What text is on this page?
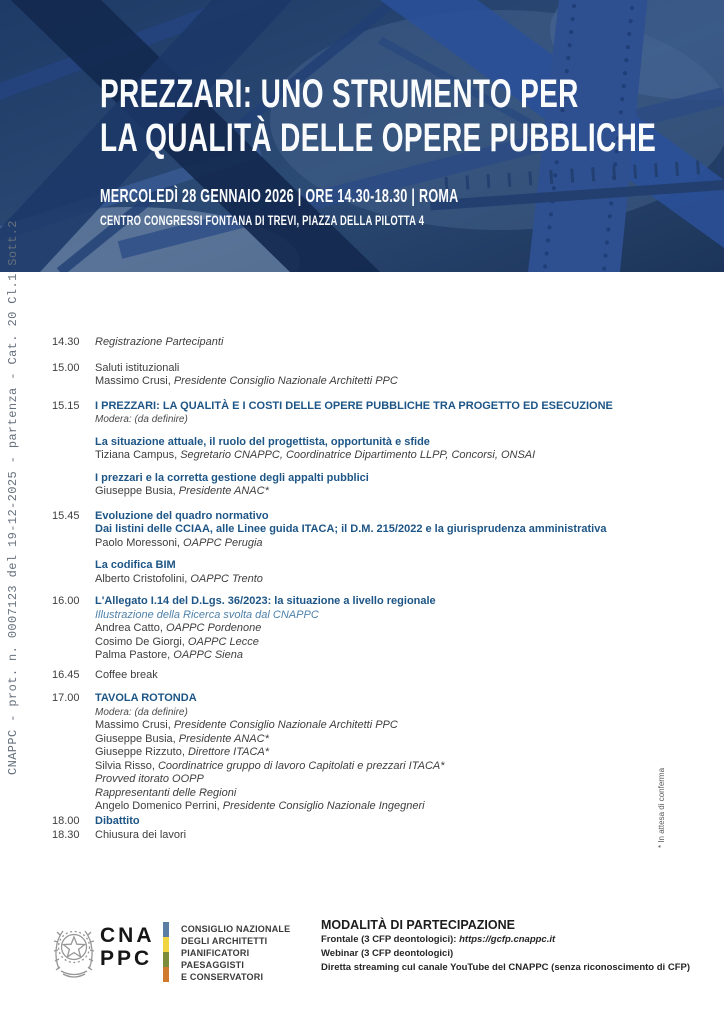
PREZZARI: UNO STRUMENTO PER
LA QUALITÀ DELLE OPERE PUBBLICHE
MERCOLEDÌ 28 GENNAIO 2026 | ORE 14.30-18.30 | ROMA
CENTRO CONGRESSI FONTANA DI TREVI, PIAZZA DELLA PILOTTA 4
14.30	Registrazione Partecipanti
15.00	Saluti istituzionali
Massimo Crusi, Presidente Consiglio Nazionale Architetti PPC
15.15	I PREZZARI: LA QUALITÀ E I COSTI DELLE OPERE PUBBLICHE TRA PROGETTO ED ESECUZIONE
Modera: (da definire)
La situazione attuale, il ruolo del progettista, opportunità e sfide
Tiziana Campus, Segretario CNAPPC, Coordinatrice Dipartimento LLPP, Concorsi, ONSAI
I prezzari e la corretta gestione degli appalti pubblici
Giuseppe Busia, Presidente ANAC*
15.45	Evoluzione del quadro normativo
Dai listini delle CCIAA, alle Linee guida ITACA; il D.M. 215/2022 e la giurisprudenza amministrativa
Paolo Moressoni, OAPPC Perugia
La codifica BIM
Alberto Cristofolini, OAPPC Trento
16.00	L'Allegato I.14 del D.Lgs. 36/2023: la situazione a livello regionale
Illustrazione della Ricerca svolta dal CNAPPC
Andrea Catto, OAPPC Pordenone
Cosimo De Giorgi, OAPPC Lecce
Palma Pastore, OAPPC Siena
16.45	Coffee break
17.00	TAVOLA ROTONDA
Modera: (da definire)
Massimo Crusi, Presidente Consiglio Nazionale Architetti PPC
Giuseppe Busia, Presidente ANAC*
Giuseppe Rizzuto, Direttore ITACA*
Silvia Risso, Coordinatrice gruppo di lavoro Capitolati e prezzari ITACA*
Provved itorato OOPP
Rappresentanti delle Regioni
Angelo Domenico Perrini, Presidente Consiglio Nazionale Ingegneri
18.00	Dibattito
18.30	Chiusura dei lavori
CNAPPC - prot. n. 0007123 del 19-12-2025 - partenza - Cat. 20 Cl.1 Sott.2
* In attesa di conferma
CNA
PPC
CONSIGLIO NAZIONALE
DEGLI ARCHITETTI
PIANIFICATORI
PAESAGGISTI
E CONSERVATORI
MODALITÀ DI PARTECIPAZIONE
Frontale (3 CFP deontologici): https://gcfp.cnappc.it
Webinar (3 CFP deontologici)
Diretta streaming cul canale YouTube del CNAPPC (senza riconoscimento di CFP)
